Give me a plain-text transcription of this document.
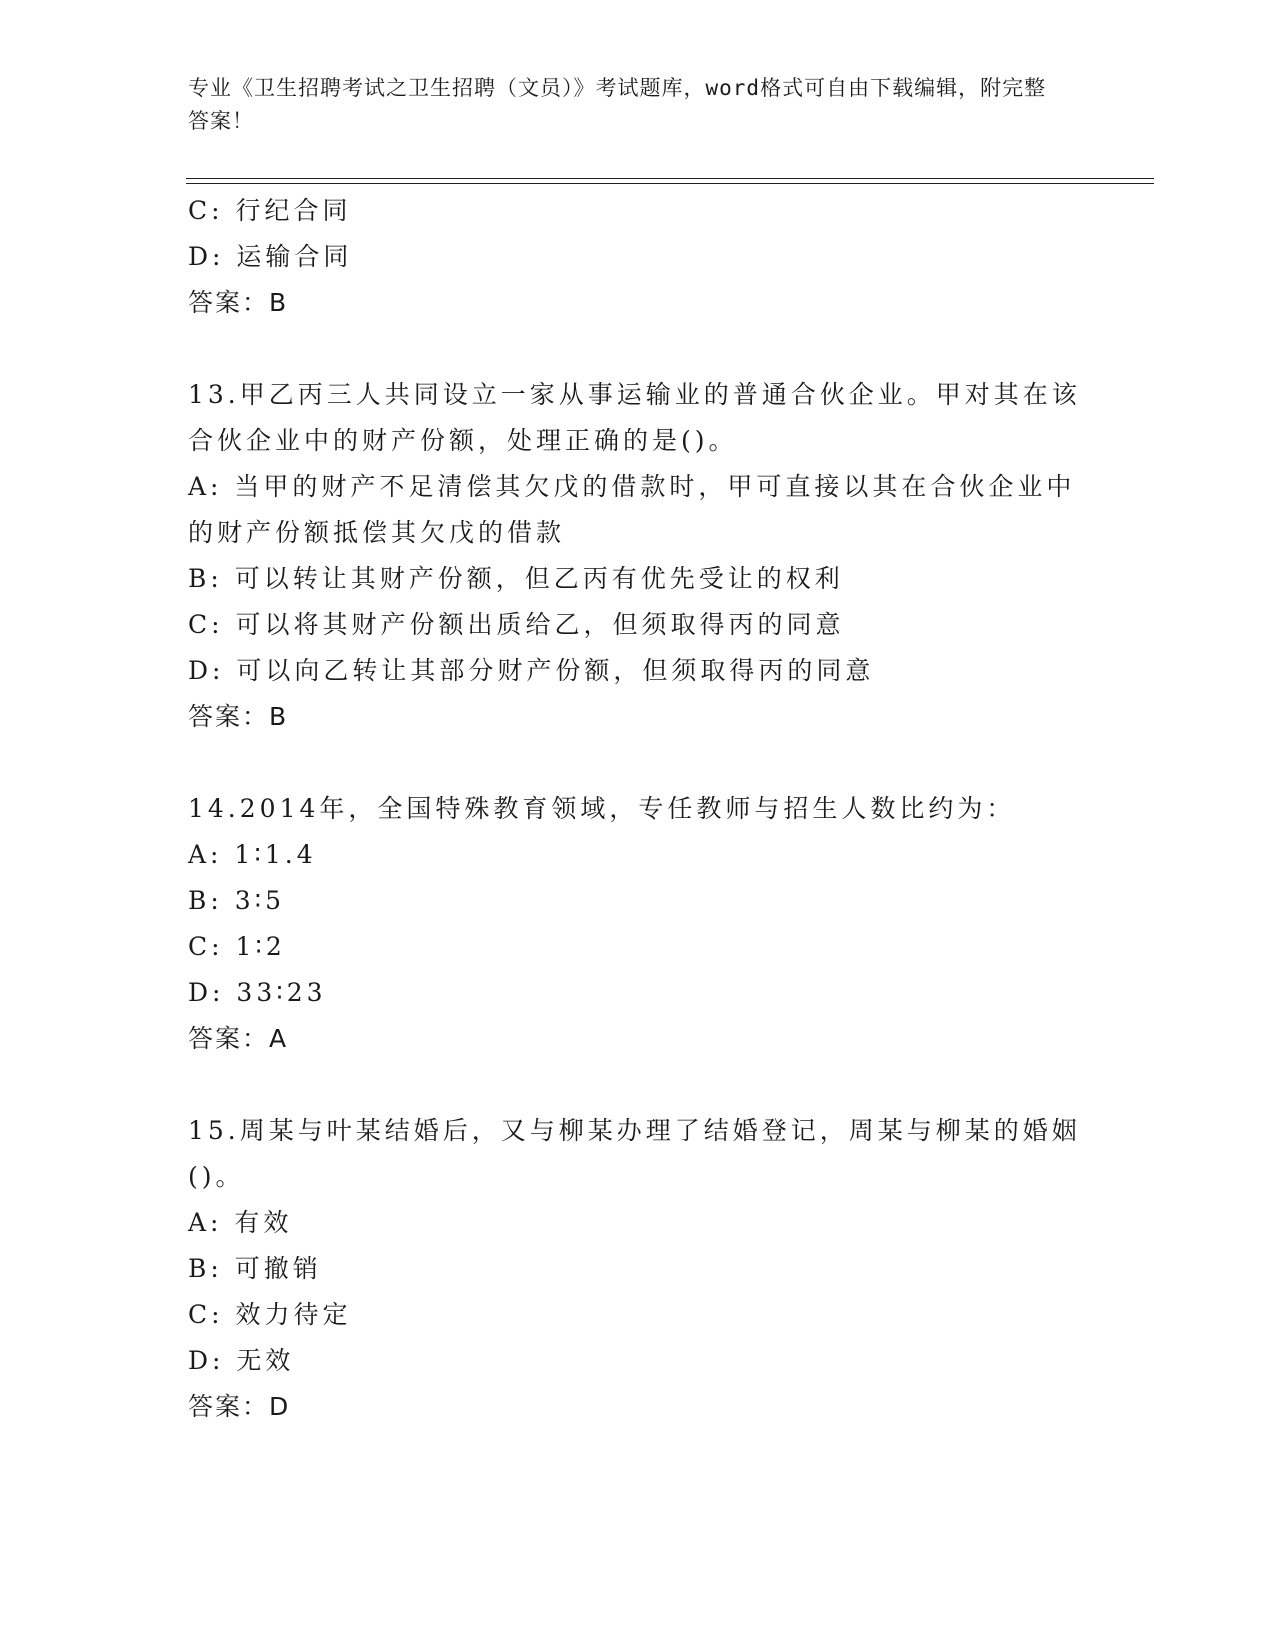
专业《卫生招聘考试之卫生招聘（文员）》考试题库，word格式可自由下载编辑，附完整答案！
C: 行纪合同
D: 运输合同
答案：B
13.甲乙丙三人共同设立一家从事运输业的普通合伙企业。甲对其在该
合伙企业中的财产份额，处理正确的是()。
A: 当甲的财产不足清偿其欠戊的借款时，甲可直接以其在合伙企业中
的财产份额抵偿其欠戊的借款
B: 可以转让其财产份额，但乙丙有优先受让的权利
C: 可以将其财产份额出质给乙，但须取得丙的同意
D: 可以向乙转让其部分财产份额，但须取得丙的同意
答案：B
14.2014年，全国特殊教育领域，专任教师与招生人数比约为：
A: 1∶1.4
B: 3∶5
C: 1∶2
D: 33∶23
答案：A
15.周某与叶某结婚后，又与柳某办理了结婚登记，周某与柳某的婚姻
()。
A: 有效
B: 可撤销
C: 效力待定
D: 无效
答案：D
